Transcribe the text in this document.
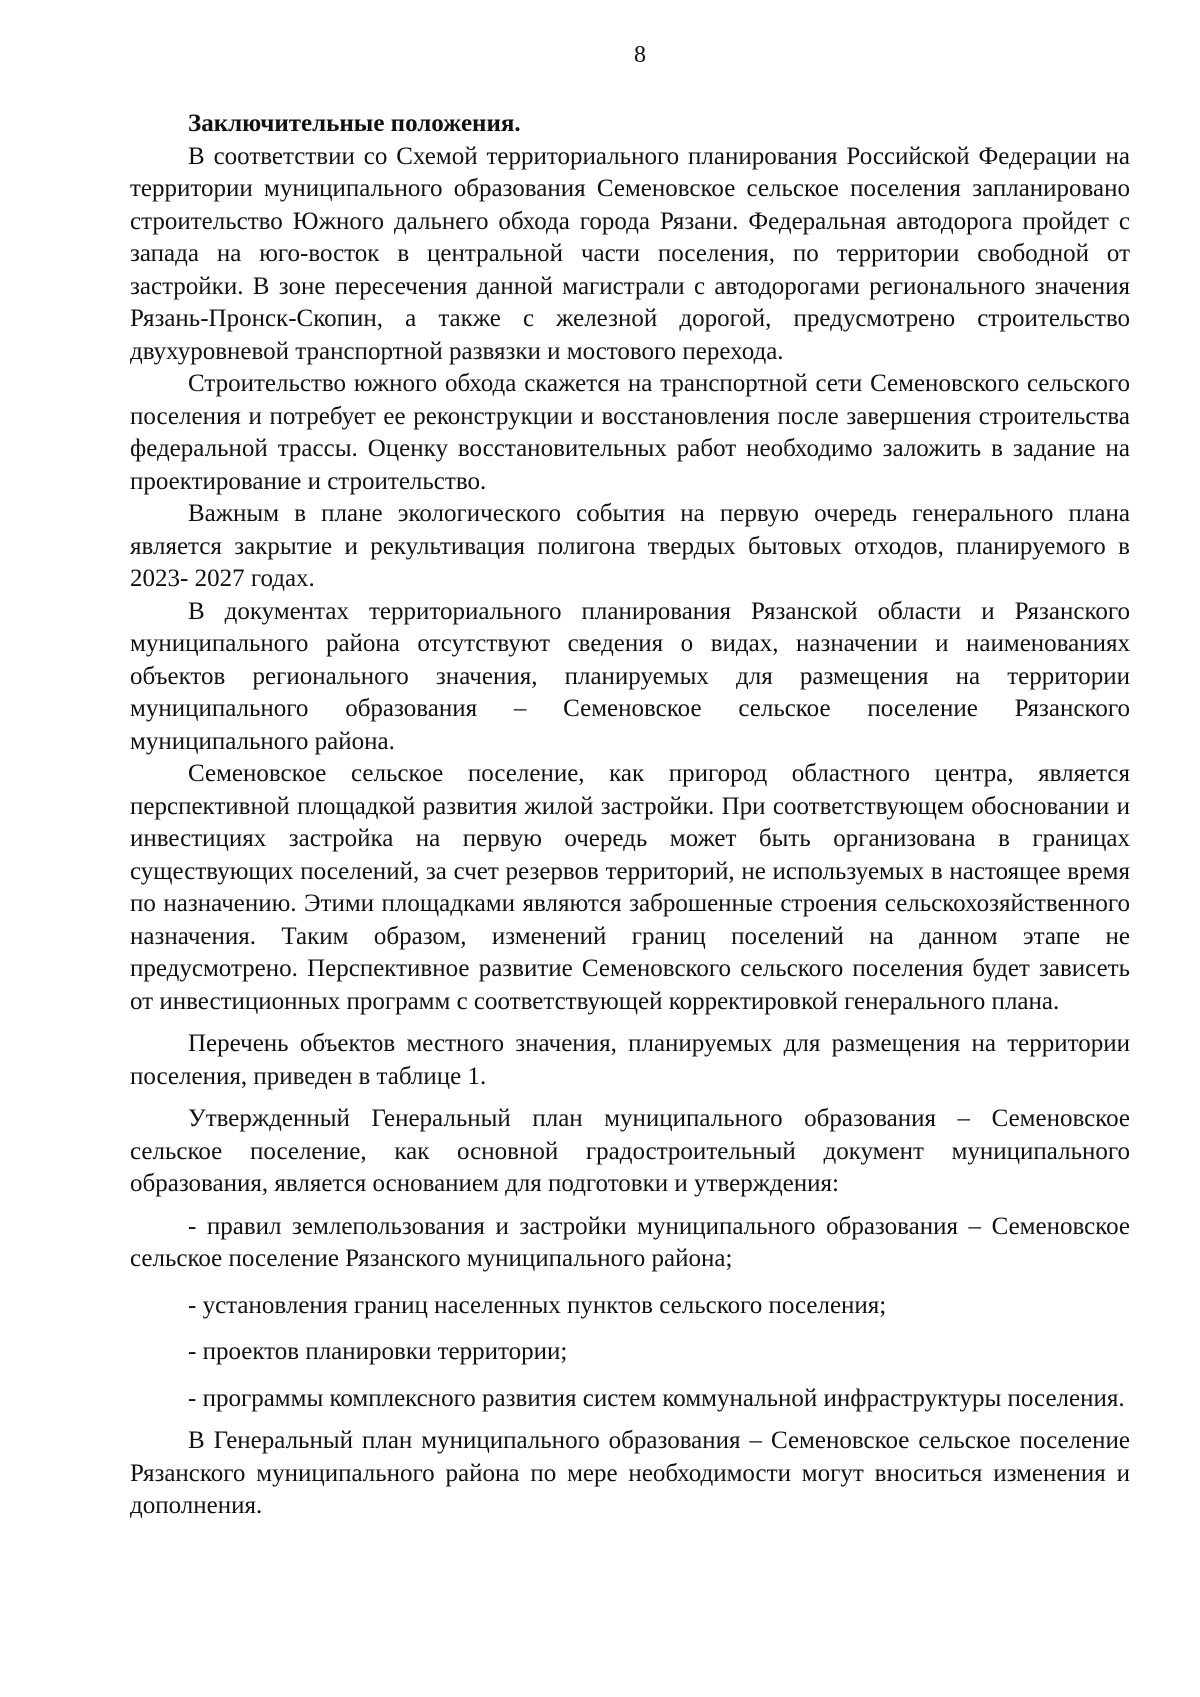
8

Заключительные положения.

В соответствии со Схемой территориального планирования Российской Федерации на территории муниципального образования Семеновское сельское поселения запланировано строительство Южного дальнего обхода города Рязани. Федеральная автодорога пройдет с запада на юго-восток в центральной части поселения, по территории свободной от застройки. В зоне пересечения данной магистрали с автодорогами регионального значения Рязань-Пронск-Скопин, а также с железной дорогой, предусмотрено строительство двухуровневой транспортной развязки и мостового перехода.

Строительство южного обхода скажется на транспортной сети Семеновского сельского поселения и потребует ее реконструкции и восстановления после завершения строительства федеральной трассы. Оценку восстановительных работ необходимо заложить в задание на проектирование и строительство.

Важным в плане экологического события на первую очередь генерального плана является закрытие и рекультивация полигона твердых бытовых отходов, планируемого в 2023- 2027 годах.

В документах территориального планирования Рязанской области и Рязанского муниципального района отсутствуют сведения о видах, назначении и наименованиях объектов регионального значения, планируемых для размещения на территории муниципального образования – Семеновское сельское поселение Рязанского муниципального района.

Семеновское сельское поселение, как пригород областного центра, является перспективной площадкой развития жилой застройки. При соответствующем обосновании и инвестициях застройка на первую очередь может быть организована в границах существующих поселений, за счет резервов территорий, не используемых в настоящее время по назначению. Этими площадками являются заброшенные строения сельскохозяйственного назначения. Таким образом, изменений границ поселений на данном этапе не предусмотрено. Перспективное развитие Семеновского сельского поселения будет зависеть от инвестиционных программ с соответствующей корректировкой генерального плана.

Перечень объектов местного значения, планируемых для размещения на территории поселения, приведен в таблице 1.

Утвержденный Генеральный план муниципального образования – Семеновское сельское поселение, как основной градостроительный документ муниципального образования, является основанием для подготовки и утверждения:

- правил землепользования и застройки муниципального образования – Семеновское сельское поселение Рязанского муниципального района;

- установления границ населенных пунктов сельского поселения;

- проектов планировки территории;

- программы комплексного развития систем коммунальной инфраструктуры поселения.

В Генеральный план муниципального образования – Семеновское сельское поселение Рязанского муниципального района по мере необходимости могут вноситься изменения и дополнения.
